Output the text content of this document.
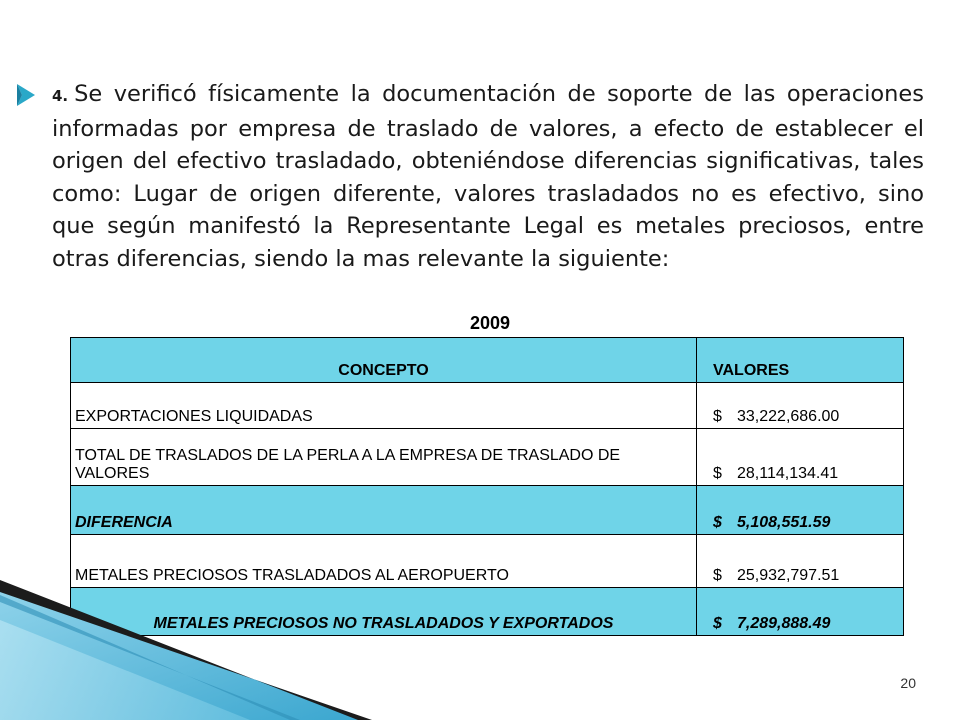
4. Se verificó físicamente la documentación de soporte de las operaciones informadas por empresa de traslado de valores, a efecto de establecer el origen del efectivo trasladado, obteniéndose diferencias significativas, tales como: Lugar de origen diferente, valores trasladados no es efectivo, sino que según manifestó la Representante Legal es metales preciosos, entre otras diferencias, siendo la mas relevante la siguiente:
2009
CONCEPTO	VALORES
EXPORTACIONES LIQUIDADAS	$ 33,222,686.00
TOTAL DE TRASLADOS DE LA PERLA A LA EMPRESA DE TRASLADO DE VALORES	$ 28,114,134.41
DIFERENCIA	$ 5,108,551.59
METALES PRECIOSOS TRASLADADOS AL AEROPUERTO	$ 25,932,797.51
METALES PRECIOSOS NO TRASLADADOS Y EXPORTADOS	$ 7,289,888.49
20
